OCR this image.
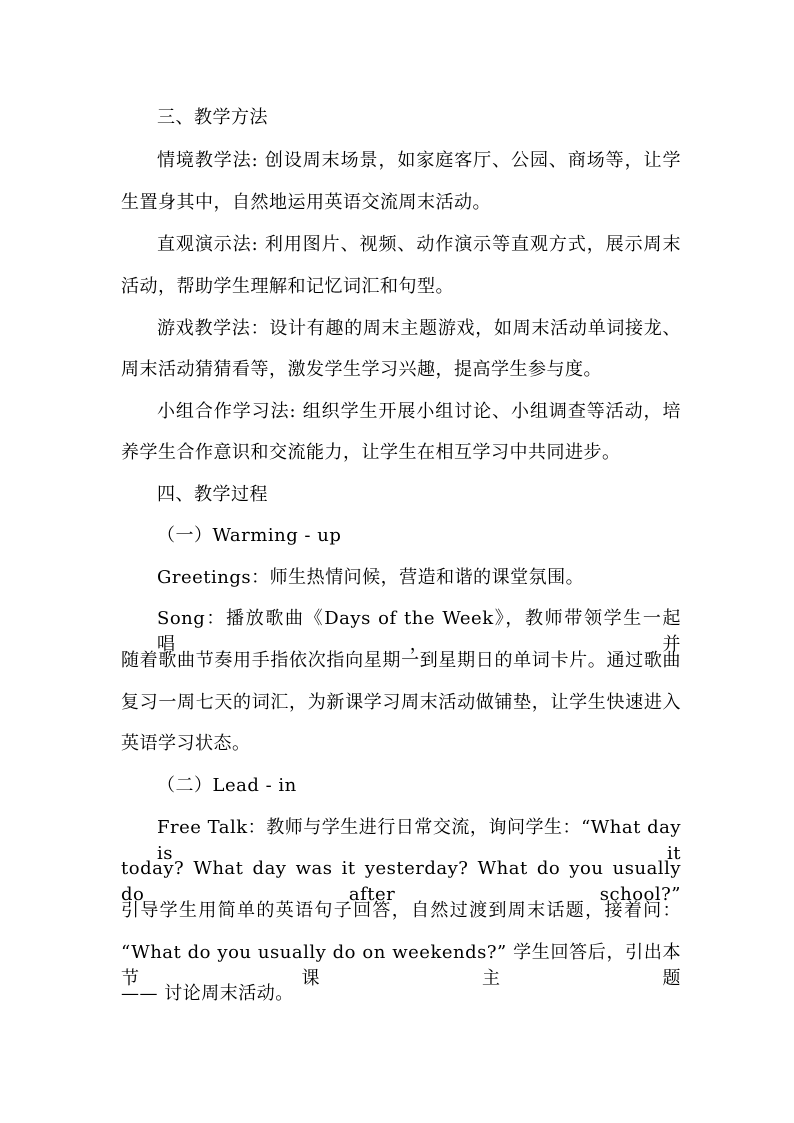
三、教学方法
情境教学法: 创设周末场景，如家庭客厅、公园、商场等，让学
生置身其中，自然地运用英语交流周末活动。
直观演示法: 利用图片、视频、动作演示等直观方式，展示周末
活动，帮助学生理解和记忆词汇和句型。
游戏教学法：设计有趣的周末主题游戏，如周末活动单词接龙、
周末活动猜猜看等，激发学生学习兴趣，提高学生参与度。
小组合作学习法: 组织学生开展小组讨论、小组调查等活动，培
养学生合作意识和交流能力，让学生在相互学习中共同进步。
四、教学过程
（一）Warming - up
Greetings：师生热情问候，营造和谐的课堂氛围。
Song：播放歌曲《Days of the Week》，教师带领学生一起唱，并
随着歌曲节奏用手指依次指向星期一到星期日的单词卡片。通过歌曲
复习一周七天的词汇，为新课学习周末活动做铺垫，让学生快速进入
英语学习状态。
（二）Lead - in
Free Talk：教师与学生进行日常交流，询问学生：“What day is it
today? What day was it yesterday? What do you usually do after school?”
引导学生用简单的英语句子回答，自然过渡到周末话题，接着问：
“What do you usually do on weekends?” 学生回答后，引出本节课主题
—— 讨论周末活动。
